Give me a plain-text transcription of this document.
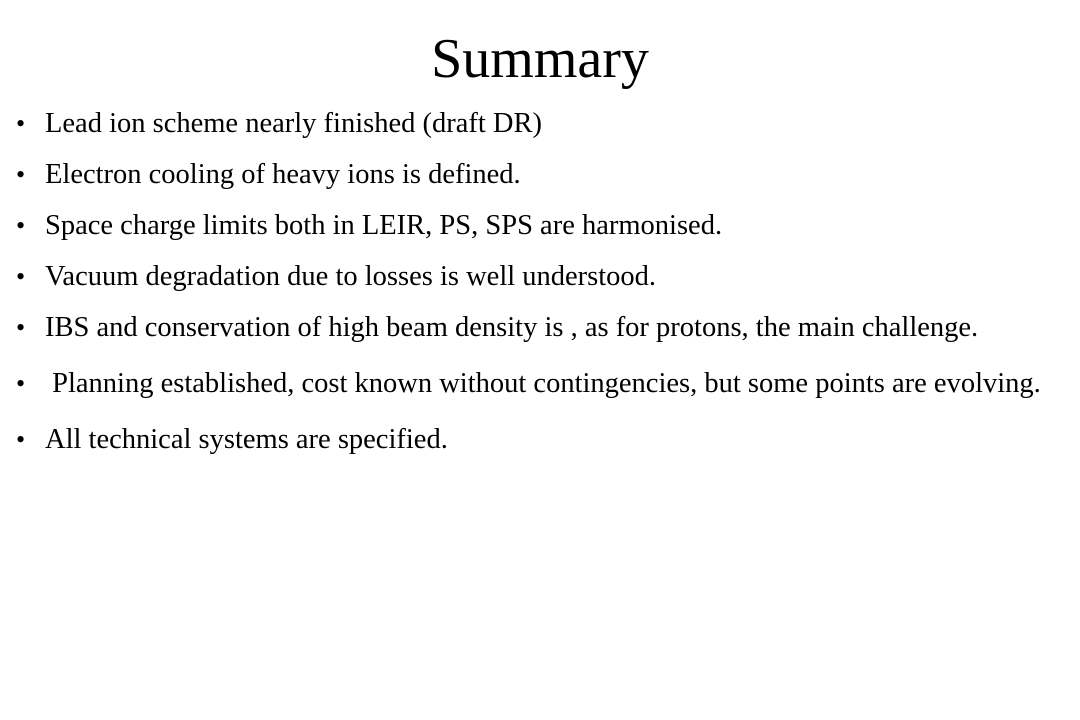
Summary
• Lead ion scheme nearly finished (draft DR)
• Electron cooling of heavy ions is defined.
• Space charge limits both in LEIR, PS, SPS are harmonised.
• Vacuum degradation due to losses is well understood.
• IBS and conservation of high beam density is , as for protons, the main challenge.
• Planning established, cost known without contingencies, but some points are evolving.
• All technical systems are specified.
